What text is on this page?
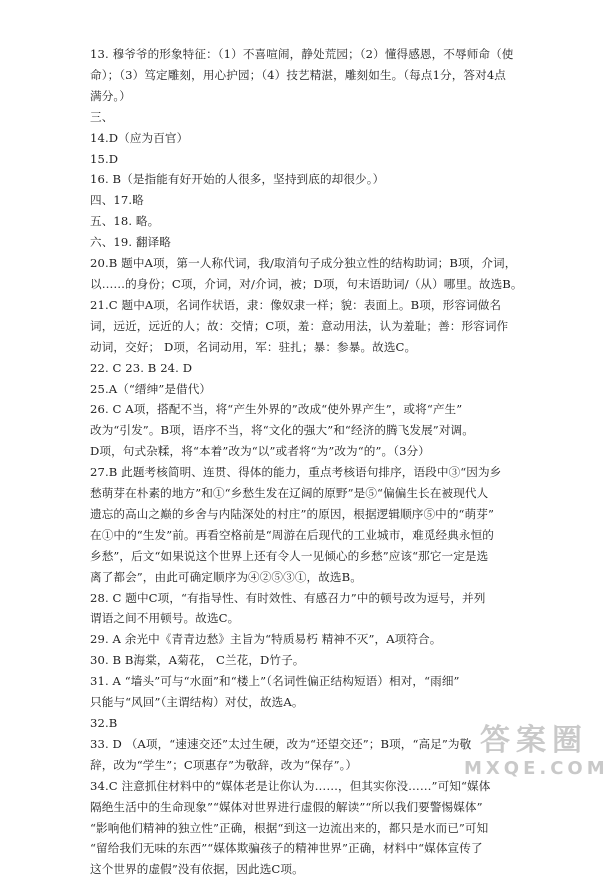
13. 穆爷爷的形象特征：（1）不喜喧闹，静处荒园；（2）懂得感恩，不辱师命（使
命）；（3）笃定雕刻，用心护园；（4）技艺精湛，雕刻如生。（每点1分，答对4点
满分。）
三、
14.D（应为百官）
15.D
16. B（是指能有好开始的人很多，坚持到底的却很少。）
四、17.略
五、18. 略。
六、19. 翻译略
20.B 题中A项，第一人称代词，我/取消句子成分独立性的结构助词；B项，介词，
以……的身份；C项，介词，对/介词，被；D项，句末语助词/（从）哪里。故选B。
21.C 题中A项，名词作状语，隶：像奴隶一样；貌：表面上。B项，形容词做名
词，远近，远近的人；故：交情；C项，羞：意动用法，认为羞耻；善：形容词作
动词，交好； D项，名词动用，军：驻扎；暴：参暴。故选C。
22. C 23. B 24. D
25.A（“缙绅”是借代）
26. C A项，搭配不当，将“产生外界的”改成“使外界产生”，或将“产生”
改为“引发”。B项，语序不当，将“文化的强大”和“经济的腾飞发展”对调。
D项，句式杂糅，将“本着”改为“以”或者将“为”改为“的”。（3分）
27.B 此题考核简明、连贯、得体的能力，重点考核语句排序，语段中③“因为乡
愁萌芽在朴素的地方”和①“乡愁生发在辽阔的原野”是⑤“偏偏生长在被现代人
遗忘的高山之巅的乡舍与内陆深处的村庄”的原因，根据逻辑顺序⑤中的“萌芽”
在①中的“生发”前。再看空格前是“周游在后现代的工业城市，难觅经典永恒的
乡愁”，后文“如果说这个世界上还有令人一见倾心的乡愁”应该“那它一定是选
离了都会”，由此可确定顺序为④②⑤③①，故选B。
28. C 题中C项，“有指导性、有时效性、有感召力”中的顿号改为逗号，并列
谓语之间不用顿号。故选C。
29. A 余光中《青青边愁》主旨为“特质易朽 精神不灭”，A项符合。
30. B B海棠，A菊花， C兰花，D竹子。
31. A “墙头”可与“水面”和“楼上”（名词性偏正结构短语）相对，“雨细”
只能与“风回”（主谓结构）对仗，故选A。
32.B
33. D （A项，“速速交还”太过生硬，改为“还望交还”；B项，“高足”为敬
辞，改为“学生”；C项惠存”为敬辞，改为“保存”。）
34.C 注意抓住材料中的“媒体老是让你认为……，但其实你没……”可知“媒体
隔绝生活中的生命现象”“媒体对世界进行虚假的解读”“所以我们要警惕媒体”
“影响他们精神的独立性”正确，根据“到这一边流出来的，都只是水而已”可知
“留给我们无味的东西”“媒体欺骗孩子的精神世界”正确，材料中“媒体宣传了
这个世界的虚假”没有依据，因此选C项。
答案圈
MXQE.COM
